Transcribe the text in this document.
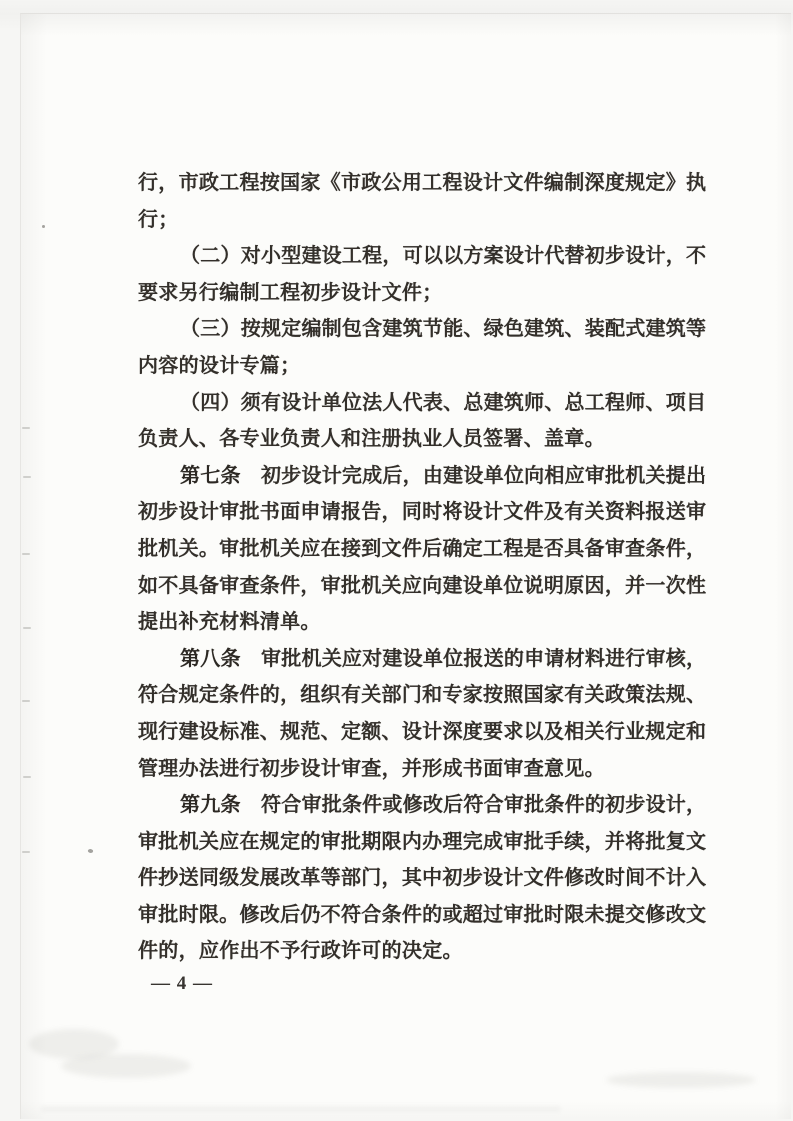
行，市政工程按国家《市政公用工程设计文件编制深度规定》执
行；
（二）对小型建设工程，可以以方案设计代替初步设计，不
要求另行编制工程初步设计文件；
（三）按规定编制包含建筑节能、绿色建筑、装配式建筑等
内容的设计专篇；
（四）须有设计单位法人代表、总建筑师、总工程师、项目
负责人、各专业负责人和注册执业人员签署、盖章。
第七条　初步设计完成后，由建设单位向相应审批机关提出
初步设计审批书面申请报告，同时将设计文件及有关资料报送审
批机关。审批机关应在接到文件后确定工程是否具备审查条件，
如不具备审查条件，审批机关应向建设单位说明原因，并一次性
提出补充材料清单。
第八条　审批机关应对建设单位报送的申请材料进行审核，
符合规定条件的，组织有关部门和专家按照国家有关政策法规、
现行建设标准、规范、定额、设计深度要求以及相关行业规定和
管理办法进行初步设计审查，并形成书面审查意见。
第九条　符合审批条件或修改后符合审批条件的初步设计，
审批机关应在规定的审批期限内办理完成审批手续，并将批复文
件抄送同级发展改革等部门，其中初步设计文件修改时间不计入
审批时限。修改后仍不符合条件的或超过审批时限未提交修改文
件的，应作出不予行政许可的决定。
— 4 —
